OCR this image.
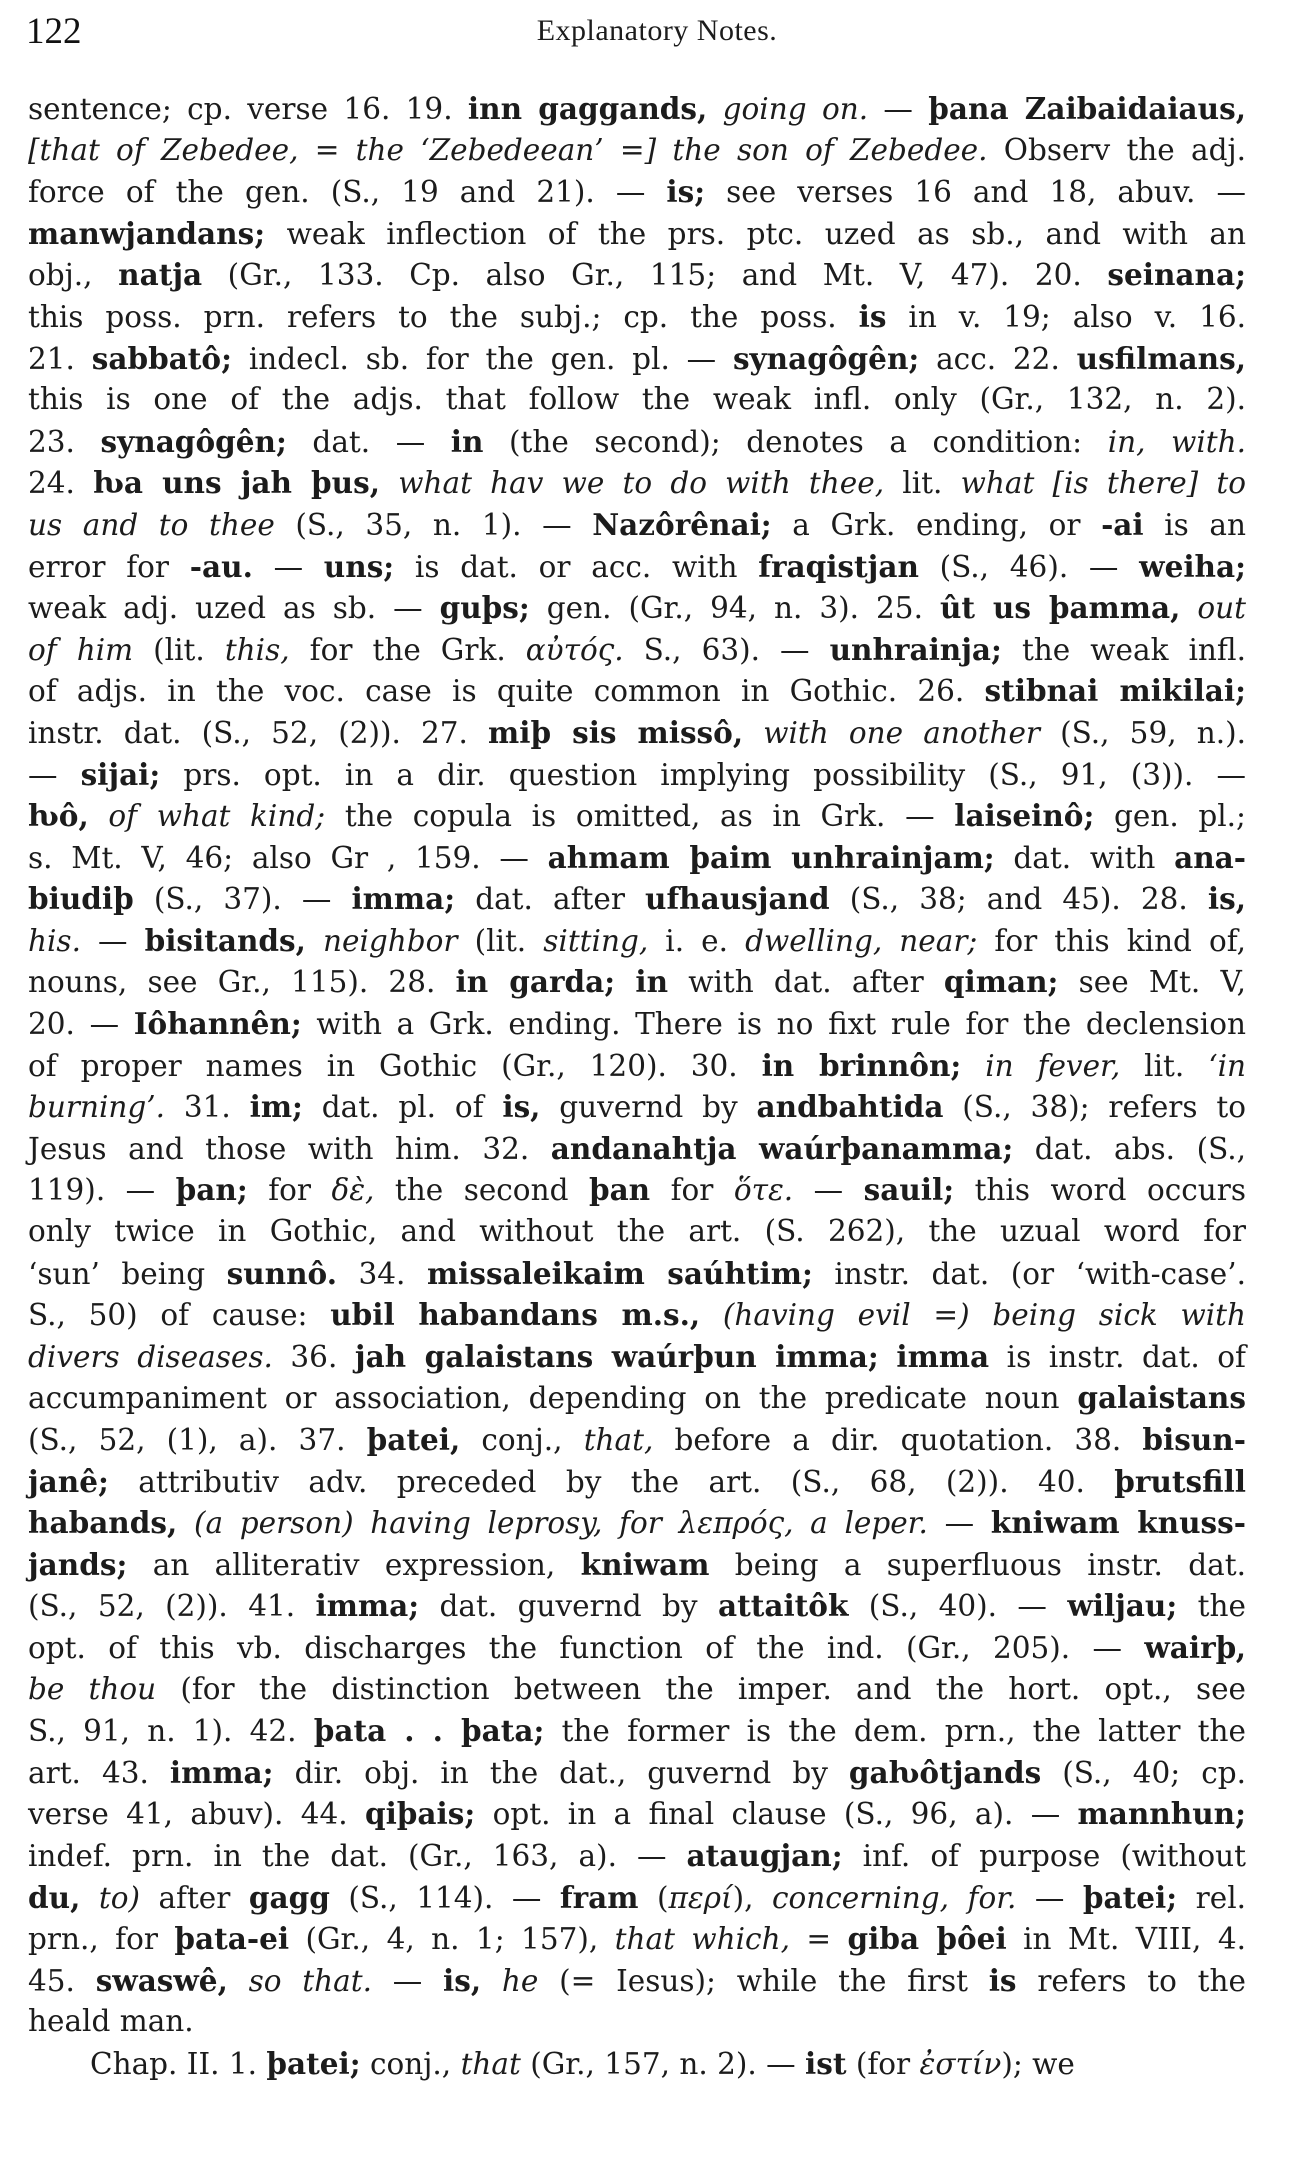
122	Explanatory Notes.
sentence; cp. verse 16. 19. inn gaggands, going on. — þana Zaibaidaiaus,
[that of Zebedee, = the ‘Zebedeean’ =] the son of Zebedee. Observ the adj.
force of the gen. (S., 19 and 21). — is; see verses 16 and 18, abuv. —
manwjandans; weak inflection of the prs. ptc. uzed as sb., and with an
obj., natja (Gr., 133. Cp. also Gr., 115; and Mt. V, 47). 20. seinana;
this poss. prn. refers to the subj.; cp. the poss. is in v. 19; also v. 16.
21. sabbatô; indecl. sb. for the gen. pl. — synagôgên; acc. 22. usfilmans,
this is one of the adjs. that follow the weak infl. only (Gr., 132, n. 2).
23. synagôgên; dat. — in (the second); denotes a condition: in, with.
24. ƕa uns jah þus, what hav we to do with thee, lit. what [is there] to
us and to thee (S., 35, n. 1). — Nazôrênai; a Grk. ending, or -ai is an
error for -au. — uns; is dat. or acc. with fraqistjan (S., 46). — weiha;
weak adj. uzed as sb. — guþs; gen. (Gr., 94, n. 3). 25. ût us þamma, out
of him (lit. this, for the Grk. αὐτός. S., 63). — unhrainja; the weak infl.
of adjs. in the voc. case is quite common in Gothic. 26. stibnai mikilai;
instr. dat. (S., 52, (2)). 27. miþ sis missô, with one another (S., 59, n.).
— sijai; prs. opt. in a dir. question implying possibility (S., 91, (3)). —
ƕô, of what kind; the copula is omitted, as in Grk. — laiseinô; gen. pl.;
s. Mt. V, 46; also Gr , 159. — ahmam þaim unhrainjam; dat. with ana-
biudiþ (S., 37). — imma; dat. after ufhausjand (S., 38; and 45). 28. is,
his. — bisitands, neighbor (lit. sitting, i. e. dwelling, near; for this kind of,
nouns, see Gr., 115). 28. in garda; in with dat. after qiman; see Mt. V,
20. — Iôhannên; with a Grk. ending. There is no fixt rule for the declension
of proper names in Gothic (Gr., 120). 30. in brinnôn; in fever, lit. ‘in
burning’. 31. im; dat. pl. of is, guvernd by andbahtida (S., 38); refers to
Jesus and those with him. 32. andanahtja waúrþanamma; dat. abs. (S.,
119). — þan; for δὲ, the second þan for ὅτε. — sauil; this word occurs
only twice in Gothic, and without the art. (S. 262), the uzual word for
‘sun’ being sunnô. 34. missaleikaim saúhtim; instr. dat. (or ‘with-case’.
S., 50) of cause: ubil habandans m.s., (having evil =) being sick with
divers diseases. 36. jah galaistans waúrþun imma; imma is instr. dat. of
accumpaniment or association, depending on the predicate noun galaistans
(S., 52, (1), a). 37. þatei, conj., that, before a dir. quotation. 38. bisun-
janê; attributiv adv. preceded by the art. (S., 68, (2)). 40. þrutsfill
habands, (a person) having leprosy, for λεπρός, a leper. — kniwam knuss-
jands; an alliterativ expression, kniwam being a superfluous instr. dat.
(S., 52, (2)). 41. imma; dat. guvernd by attaitôk (S., 40). — wiljau; the
opt. of this vb. discharges the function of the ind. (Gr., 205). — wairþ,
be thou (for the distinction between the imper. and the hort. opt., see
S., 91, n. 1). 42. þata . . þata; the former is the dem. prn., the latter the
art. 43. imma; dir. obj. in the dat., guvernd by gaƕôtjands (S., 40; cp.
verse 41, abuv). 44. qiþais; opt. in a final clause (S., 96, a). — mannhun;
indef. prn. in the dat. (Gr., 163, a). — ataugjan; inf. of purpose (without
du, to) after gagg (S., 114). — fram (περί), concerning, for. — þatei; rel.
prn., for þata-ei (Gr., 4, n. 1; 157), that which, = giba þôei in Mt. VIII, 4.
45. swaswê, so that. — is, he (= Iesus); while the first is refers to the
heald man.
Chap. II. 1. þatei; conj., that (Gr., 157, n. 2). — ist (for ἐστίν); we
